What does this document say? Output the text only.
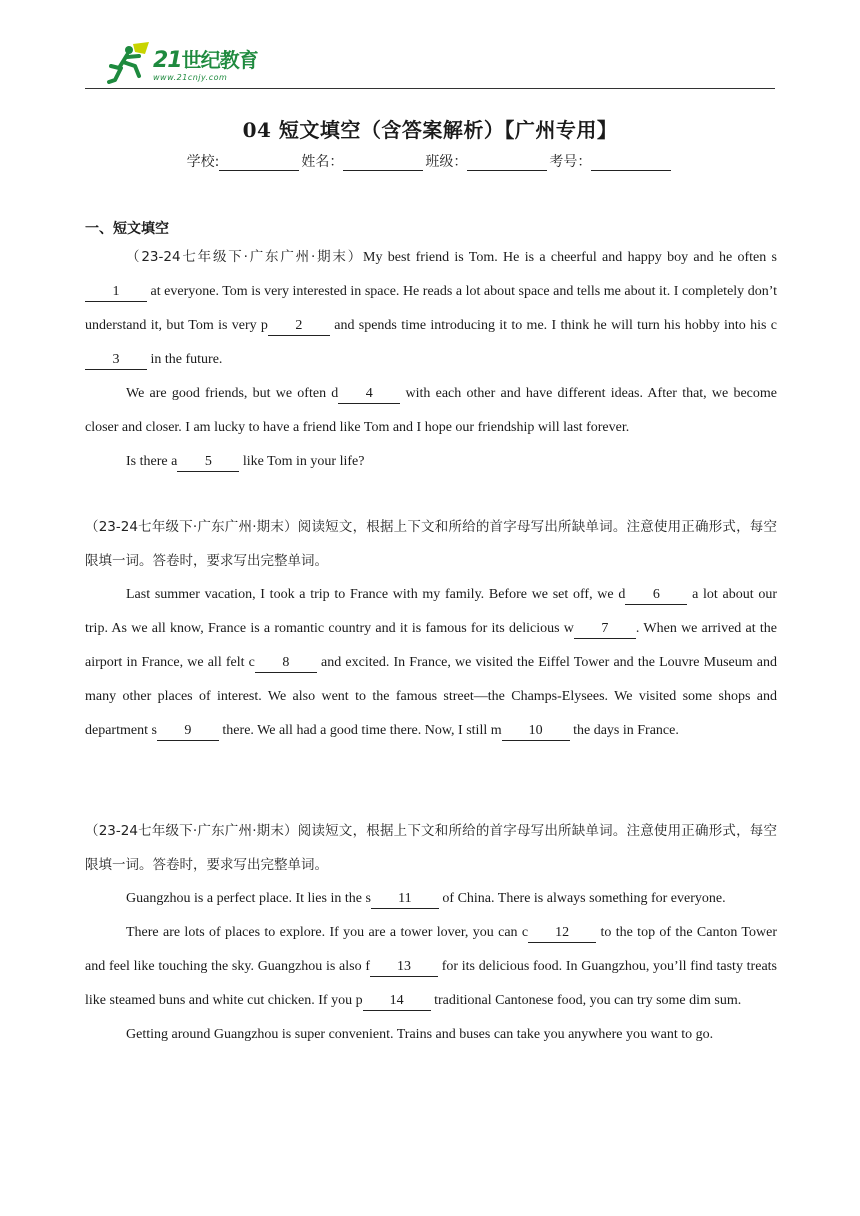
21世纪教育
www.21cnjy.com
04 短文填空（含答案解析）【广州专用】
学校:	姓名：	班级：	考号：
一、短文填空

（23-24七年级下·广东广州·期末）My best friend is Tom. He is a cheerful and happy boy and he often s1 at everyone. Tom is very interested in space. He reads a lot about space and tells me about it. I completely don’t understand it, but Tom is very p 2 and spends time introducing it to me. I think he will turn his hobby into his c3 in the future.

We are good friends, but we often d 4 with each other and have different ideas. After that, we become closer and closer. I am lucky to have a friend like Tom and I hope our friendship will last forever.

Is there a 5 like Tom in your life?

（23-24七年级下·广东广州·期末）阅读短文，根据上下文和所给的首字母写出所缺单词。注意使用正确形式，每空限填一词。答卷时，要求写出完整单词。

Last summer vacation, I took a trip to France with my family. Before we set off, we d 6 a lot about our trip. As we all know, France is a romantic country and it is famous for its delicious w 7 . When we arrived at the airport in France, we all felt c 8 and excited. In France, we visited the Eiffel Tower and the Louvre Museum and many other places of interest. We also went to the famous street—the Champs-Elysees. We visited some shops and department s 9 there. We all had a good time there. Now, I still m 10 the days in France.

（23-24七年级下·广东广州·期末）阅读短文，根据上下文和所给的首字母写出所缺单词。注意使用正确形式，每空限填一词。答卷时，要求写出完整单词。

Guangzhou is a perfect place. It lies in the s 11 of China. There is always something for everyone.

There are lots of places to explore. If you are a tower lover, you can c 12 to the top of the Canton Tower and feel like touching the sky. Guangzhou is also f 13 for its delicious food. In Guangzhou, you’ll find tasty treats like steamed buns and white cut chicken. If you p 14 traditional Cantonese food, you can try some dim sum.

Getting around Guangzhou is super convenient. Trains and buses can take you anywhere you want to go.
